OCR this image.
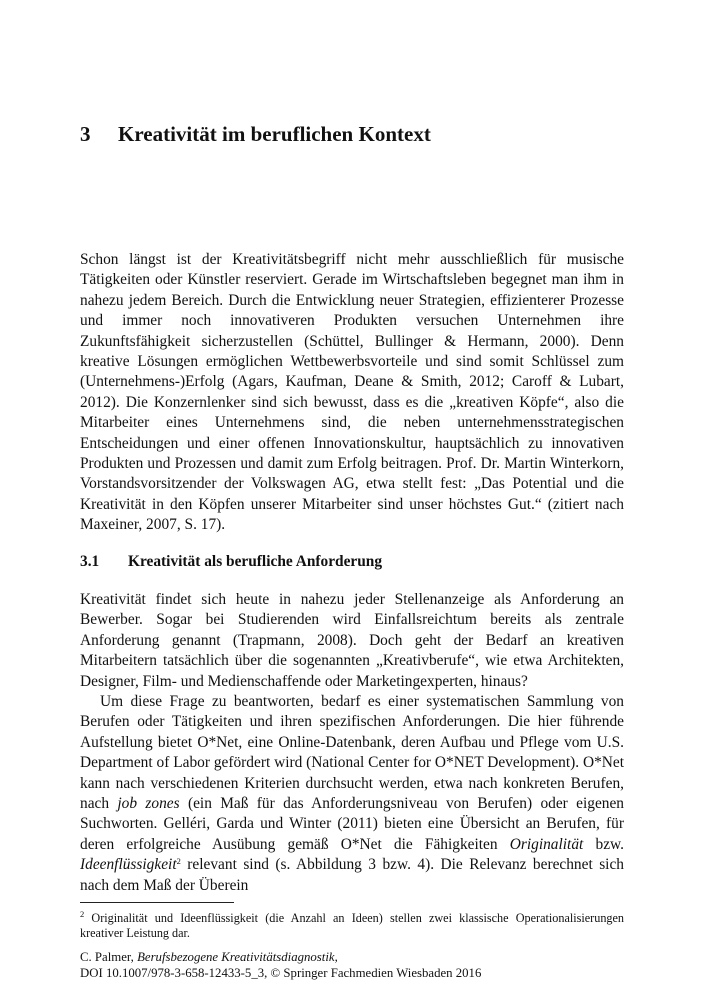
3 Kreativität im beruflichen Kontext

Schon längst ist der Kreativitätsbegriff nicht mehr ausschließlich für musische Tätigkeiten oder Künstler reserviert. Gerade im Wirtschaftsleben begegnet man ihm in nahezu jedem Bereich. Durch die Entwicklung neuer Strategien, effizienterer Prozesse und immer noch innovativeren Produkten versuchen Unternehmen ihre Zukunftsfähigkeit sicherzustellen (Schüttel, Bullinger & Hermann, 2000). Denn kreative Lösungen ermöglichen Wettbewerbsvorteile und sind somit Schlüssel zum (Unternehmens-)Erfolg (Agars, Kaufman, Deane & Smith, 2012; Caroff & Lubart, 2012). Die Konzernlenker sind sich bewusst, dass es die „kreativen Köpfe“, also die Mitarbeiter eines Unternehmens sind, die neben unternehmensstrategischen Entscheidungen und einer offenen Innovationskultur, hauptsächlich zu innovativen Produkten und Prozessen und damit zum Erfolg beitragen. Prof. Dr. Martin Winterkorn, Vorstandsvorsitzender der Volkswagen AG, etwa stellt fest: „Das Potential und die Kreativität in den Köpfen unserer Mitarbeiter sind unser höchstes Gut.“ (zitiert nach Maxeiner, 2007, S. 17).

3.1 Kreativität als berufliche Anforderung

Kreativität findet sich heute in nahezu jeder Stellenanzeige als Anforderung an Bewerber. Sogar bei Studierenden wird Einfallsreichtum bereits als zentrale Anforderung genannt (Trapmann, 2008). Doch geht der Bedarf an kreativen Mitarbeitern tatsächlich über die sogenannten „Kreativberufe“, wie etwa Architekten, Designer, Film- und Medienschaffende oder Marketingexperten, hinaus?

Um diese Frage zu beantworten, bedarf es einer systematischen Sammlung von Berufen oder Tätigkeiten und ihren spezifischen Anforderungen. Die hier führende Aufstellung bietet O*Net, eine Online-Datenbank, deren Aufbau und Pflege vom U.S. Department of Labor gefördert wird (National Center for O*NET Development). O*Net kann nach verschiedenen Kriterien durchsucht werden, etwa nach konkreten Berufen, nach job zones (ein Maß für das Anforderungsniveau von Berufen) oder eigenen Suchworten. Gelléri, Garda und Winter (2011) bieten eine Übersicht an Berufen, für deren erfolgreiche Ausübung gemäß O*Net die Fähigkeiten Originalität bzw. Ideenflüssigkeit$^2$ relevant sind (s. Abbildung 3 bzw. 4). Die Relevanz berechnet sich nach dem Maß der Überein

$^2$ Originalität und Ideenflüssigkeit (die Anzahl an Ideen) stellen zwei klassische Operationalisierungen kreativer Leistung dar.
C. Palmer, Berufsbezogene Kreativitätsdiagnostik,
DOI 10.1007/978-3-658-12433-5_3, © Springer Fachmedien Wiesbaden 2016
